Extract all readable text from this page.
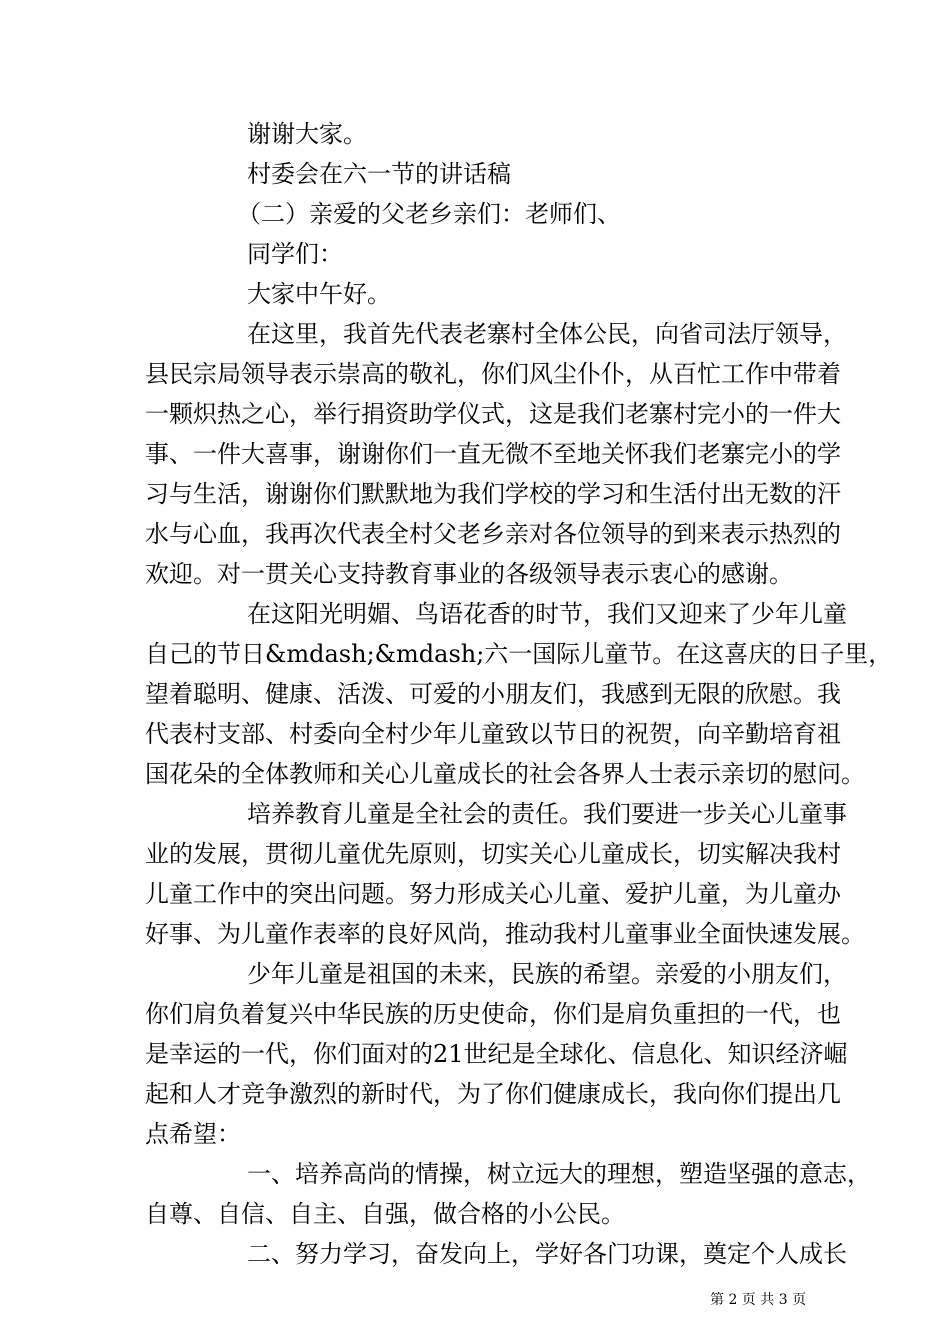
谢谢大家。
村委会在六一节的讲话稿
（二）亲爱的父老乡亲们：老师们、
同学们：
大家中午好。
在这里，我首先代表老寨村全体公民，向省司法厅领导，
县民宗局领导表示崇高的敬礼，你们风尘仆仆，从百忙工作中带着
一颗炽热之心，举行捐资助学仪式，这是我们老寨村完小的一件大
事、一件大喜事，谢谢你们一直无微不至地关怀我们老寨完小的学
习与生活，谢谢你们默默地为我们学校的学习和生活付出无数的汗
水与心血，我再次代表全村父老乡亲对各位领导的到来表示热烈的
欢迎。对一贯关心支持教育事业的各级领导表示衷心的感谢。
在这阳光明媚、鸟语花香的时节，我们又迎来了少年儿童
自己的节日&mdash;&mdash;六一国际儿童节。在这喜庆的日子里，
望着聪明、健康、活泼、可爱的小朋友们，我感到无限的欣慰。我
代表村支部、村委向全村少年儿童致以节日的祝贺，向辛勤培育祖
国花朵的全体教师和关心儿童成长的社会各界人士表示亲切的慰问。
培养教育儿童是全社会的责任。我们要进一步关心儿童事
业的发展，贯彻儿童优先原则，切实关心儿童成长，切实解决我村
儿童工作中的突出问题。努力形成关心儿童、爱护儿童，为儿童办
好事、为儿童作表率的良好风尚，推动我村儿童事业全面快速发展。
少年儿童是祖国的未来，民族的希望。亲爱的小朋友们，
你们肩负着复兴中华民族的历史使命，你们是肩负重担的一代，也
是幸运的一代，你们面对的21世纪是全球化、信息化、知识经济崛
起和人才竞争激烈的新时代，为了你们健康成长，我向你们提出几
点希望：
一、培养高尚的情操，树立远大的理想，塑造坚强的意志，
自尊、自信、自主、自强，做合格的小公民。
二、努力学习，奋发向上，学好各门功课，奠定个人成长
第 2 页 共 3 页
